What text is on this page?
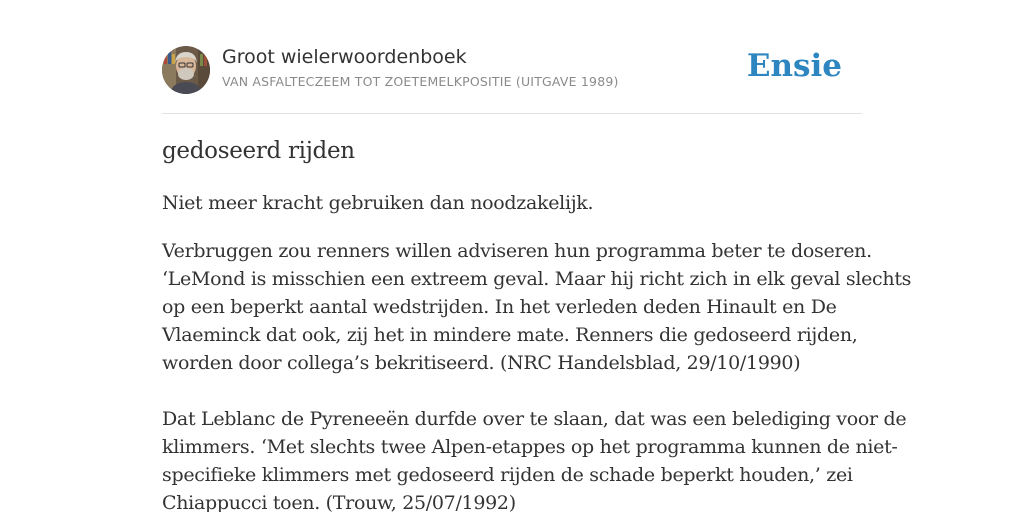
Groot wielerwoordenboek
VAN ASFALTECZEEM TOT ZOETEMELKPOSITIE (UITGAVE 1989)	Ensie
gedoseerd rijden
Niet meer kracht gebruiken dan noodzakelijk.
Verbruggen zou renners willen adviseren hun programma beter te doseren.
‘LeMond is misschien een extreem geval. Maar hij richt zich in elk geval slechts
op een beperkt aantal wedstrijden. In het verleden deden Hinault en De
Vlaeminck dat ook, zij het in mindere mate. Renners die gedoseerd rijden,
worden door collega’s bekritiseerd. (NRC Handelsblad, 29/10/1990)
Dat Leblanc de Pyreneeën durfde over te slaan, dat was een belediging voor de
klimmers. ‘Met slechts twee Alpen-etappes op het programma kunnen de niet-
specifieke klimmers met gedoseerd rijden de schade beperkt houden,’ zei
Chiappucci toen. (Trouw, 25/07/1992)
